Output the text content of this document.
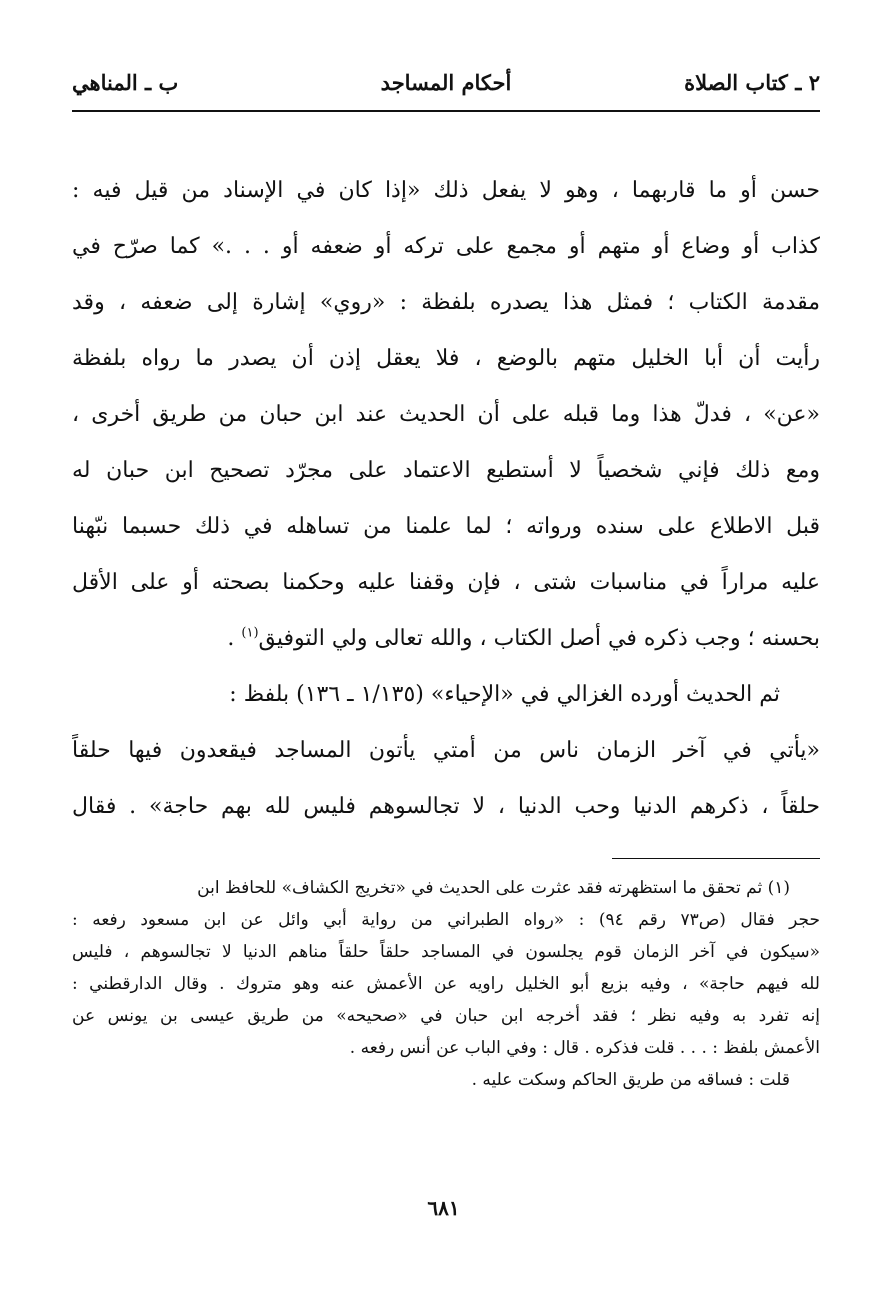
٢ ـ كتاب الصلاة
أحكام المساجد
ب ـ المناهي
حسن أو ما قاربهما ، وهو لا يفعل ذلك «إذا كان في الإسناد من قيل فيه :
كذاب أو وضاع أو متهم أو مجمع على تركه أو ضعفه أو . . .» كما صرّح في
مقدمة الكتاب ؛ فمثل هذا يصدره بلفظة : «روي» إشارة إلى ضعفه ، وقد
رأيت أن أبا الخليل متهم بالوضع ، فلا يعقل إذن أن يصدر ما رواه بلفظة
«عن» ، فدلّ هذا وما قبله على أن الحديث عند ابن حبان من طريق أخرى ،
ومع ذلك فإني شخصياً لا أستطيع الاعتماد على مجرّد تصحيح ابن حبان له
قبل الاطلاع على سنده ورواته ؛ لما علمنا من تساهله في ذلك حسبما نبّهنا
عليه مراراً في مناسبات شتى ، فإن وقفنا عليه وحكمنا بصحته أو على الأقل
بحسنه ؛ وجب ذكره في أصل الكتاب ، والله تعالى ولي التوفيق$^{(١)}$ .
ثم الحديث أورده الغزالي في «الإحياء» (١/١٣٥ ـ ١٣٦) بلفظ :
«يأتي في آخر الزمان ناس من أمتي يأتون المساجد فيقعدون فيها حلقاً
حلقاً ، ذكرهم الدنيا وحب الدنيا ، لا تجالسوهم فليس لله بهم حاجة» . فقال
(١) ثم تحقق ما استظهرته فقد عثرت على الحديث في «تخريج الكشاف» للحافظ ابن
حجر فقال (ص٧٣ رقم ٩٤) : «رواه الطبراني من رواية أبي وائل عن ابن مسعود رفعه :
«سيكون في آخر الزمان قوم يجلسون في المساجد حلقاً حلقاً مناهم الدنيا لا تجالسوهم ، فليس
لله فيهم حاجة» ، وفيه بزيع أبو الخليل راويه عن الأعمش عنه وهو متروك . وقال الدارقطني :
إنه تفرد به وفيه نظر ؛ فقد أخرجه ابن حبان في «صحيحه» من طريق عيسى بن يونس عن
الأعمش بلفظ : . . . قلت فذكره . قال : وفي الباب عن أنس رفعه .
قلت : فساقه من طريق الحاكم وسكت عليه .
٦٨١
